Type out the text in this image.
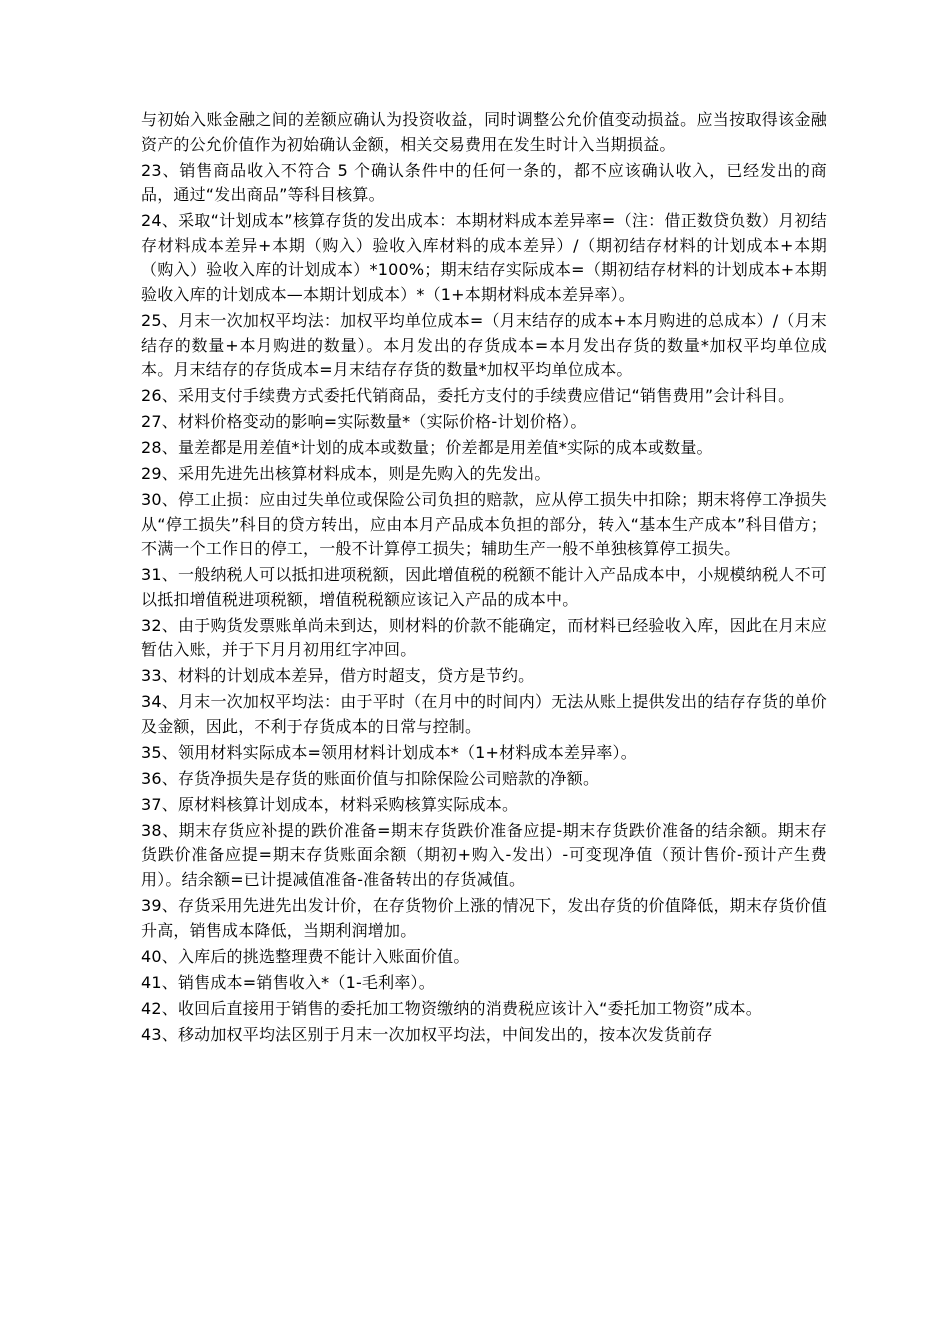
与初始入账金融之间的差额应确认为投资收益，同时调整公允价值变动损益。应当按取得该金融资产的公允价值作为初始确认金额，相关交易费用在发生时计入当期损益。

23、销售商品收入不符合 5 个确认条件中的任何一条的，都不应该确认收入，已经发出的商品，通过“发出商品”等科目核算。

24、采取“计划成本”核算存货的发出成本：本期材料成本差异率=（注：借正数贷负数）月初结存材料成本差异+本期（购入）验收入库材料的成本差异）/（期初结存材料的计划成本+本期（购入）验收入库的计划成本）*100%；期末结存实际成本=（期初结存材料的计划成本+本期验收入库的计划成本—本期计划成本）*（1+本期材料成本差异率）。

25、月末一次加权平均法：加权平均单位成本=（月末结存的成本+本月购进的总成本）/（月末结存的数量+本月购进的数量）。本月发出的存货成本=本月发出存货的数量*加权平均单位成本。月末结存的存货成本=月末结存存货的数量*加权平均单位成本。

26、采用支付手续费方式委托代销商品，委托方支付的手续费应借记“销售费用”会计科目。

27、材料价格变动的影响=实际数量*（实际价格-计划价格）。

28、量差都是用差值*计划的成本或数量；价差都是用差值*实际的成本或数量。

29、采用先进先出核算材料成本，则是先购入的先发出。

30、停工止损：应由过失单位或保险公司负担的赔款，应从停工损失中扣除；期末将停工净损失从“停工损失”科目的贷方转出，应由本月产品成本负担的部分，转入“基本生产成本”科目借方；不满一个工作日的停工，一般不计算停工损失；辅助生产一般不单独核算停工损失。

31、一般纳税人可以抵扣进项税额，因此增值税的税额不能计入产品成本中，小规模纳税人不可以抵扣增值税进项税额，增值税税额应该记入产品的成本中。

32、由于购货发票账单尚未到达，则材料的价款不能确定，而材料已经验收入库，因此在月末应暂估入账，并于下月月初用红字冲回。

33、材料的计划成本差异，借方时超支，贷方是节约。

34、月末一次加权平均法：由于平时（在月中的时间内）无法从账上提供发出的结存存货的单价及金额，因此，不利于存货成本的日常与控制。

35、领用材料实际成本=领用材料计划成本*（1+材料成本差异率）。

36、存货净损失是存货的账面价值与扣除保险公司赔款的净额。

37、原材料核算计划成本，材料采购核算实际成本。

38、期末存货应补提的跌价准备=期末存货跌价准备应提-期末存货跌价准备的结余额。期末存货跌价准备应提=期末存货账面余额（期初+购入-发出）-可变现净值（预计售价-预计产生费用）。结余额=已计提减值准备-准备转出的存货减值。

39、存货采用先进先出发计价，在存货物价上涨的情况下，发出存货的价值降低，期末存货价值升高，销售成本降低，当期利润增加。

40、入库后的挑选整理费不能计入账面价值。

41、销售成本=销售收入*（1-毛利率）。

42、收回后直接用于销售的委托加工物资缴纳的消费税应该计入“委托加工物资”成本。

43、移动加权平均法区别于月末一次加权平均法，中间发出的，按本次发货前存
